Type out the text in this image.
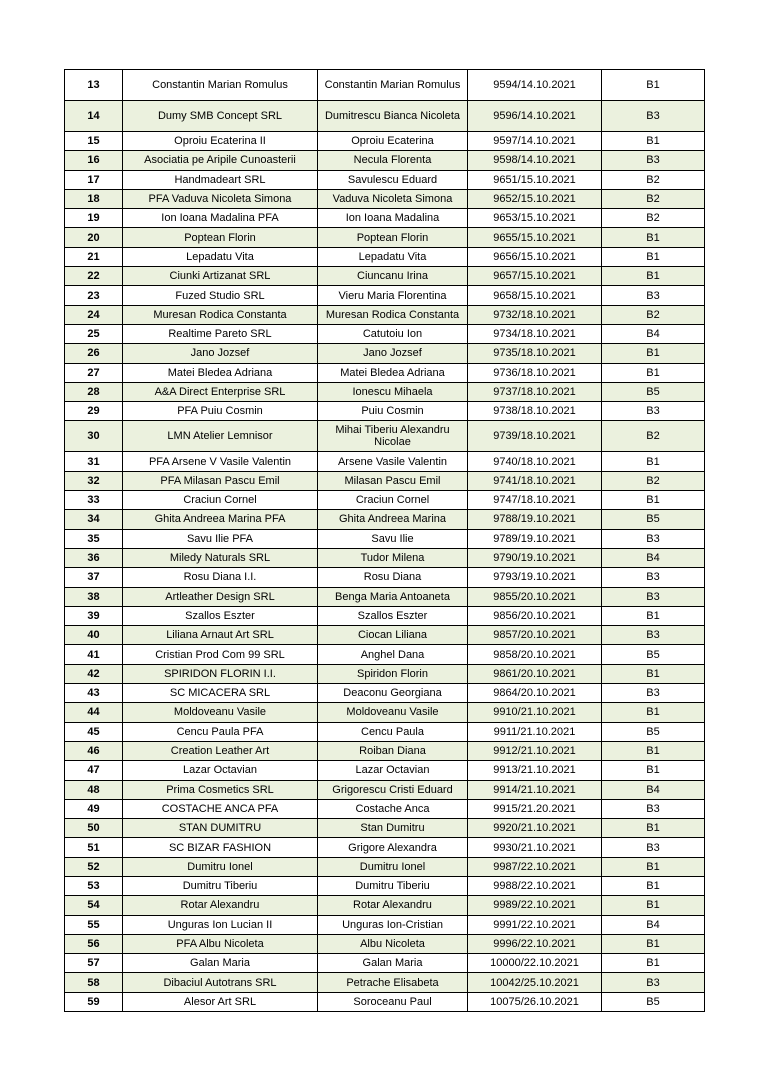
13	Constantin Marian Romulus	Constantin Marian Romulus	9594/14.10.2021	B1
14	Dumy SMB Concept SRL	Dumitrescu Bianca Nicoleta	9596/14.10.2021	B3
15	Oproiu Ecaterina II	Oproiu Ecaterina	9597/14.10.2021	B1
16	Asociatia pe Aripile Cunoasterii	Necula Florenta	9598/14.10.2021	B3
17	Handmadeart SRL	Savulescu Eduard	9651/15.10.2021	B2
18	PFA Vaduva Nicoleta Simona	Vaduva Nicoleta Simona	9652/15.10.2021	B2
19	Ion Ioana Madalina PFA	Ion Ioana Madalina	9653/15.10.2021	B2
20	Poptean Florin	Poptean Florin	9655/15.10.2021	B1
21	Lepadatu Vita	Lepadatu Vita	9656/15.10.2021	B1
22	Ciunki Artizanat SRL	Ciuncanu Irina	9657/15.10.2021	B1
23	Fuzed Studio SRL	Vieru Maria Florentina	9658/15.10.2021	B3
24	Muresan Rodica Constanta	Muresan Rodica Constanta	9732/18.10.2021	B2
25	Realtime Pareto SRL	Catutoiu Ion	9734/18.10.2021	B4
26	Jano Jozsef	Jano Jozsef	9735/18.10.2021	B1
27	Matei Bledea Adriana	Matei Bledea Adriana	9736/18.10.2021	B1
28	A&A Direct Enterprise SRL	Ionescu Mihaela	9737/18.10.2021	B5
29	PFA Puiu Cosmin	Puiu Cosmin	9738/18.10.2021	B3
30	LMN Atelier Lemnisor	Mihai Tiberiu Alexandru Nicolae	9739/18.10.2021	B2
31	PFA Arsene V Vasile Valentin	Arsene Vasile Valentin	9740/18.10.2021	B1
32	PFA Milasan Pascu Emil	Milasan Pascu Emil	9741/18.10.2021	B2
33	Craciun Cornel	Craciun Cornel	9747/18.10.2021	B1
34	Ghita Andreea Marina PFA	Ghita Andreea Marina	9788/19.10.2021	B5
35	Savu Ilie PFA	Savu Ilie	9789/19.10.2021	B3
36	Miledy Naturals SRL	Tudor Milena	9790/19.10.2021	B4
37	Rosu Diana I.I.	Rosu Diana	9793/19.10.2021	B3
38	Artleather Design SRL	Benga Maria Antoaneta	9855/20.10.2021	B3
39	Szallos Eszter	Szallos Eszter	9856/20.10.2021	B1
40	Liliana Arnaut Art SRL	Ciocan Liliana	9857/20.10.2021	B3
41	Cristian Prod Com 99 SRL	Anghel Dana	9858/20.10.2021	B5
42	SPIRIDON FLORIN I.I.	Spiridon Florin	9861/20.10.2021	B1
43	SC MICACERA SRL	Deaconu Georgiana	9864/20.10.2021	B3
44	Moldoveanu Vasile	Moldoveanu Vasile	9910/21.10.2021	B1
45	Cencu Paula PFA	Cencu Paula	9911/21.10.2021	B5
46	Creation Leather Art	Roiban Diana	9912/21.10.2021	B1
47	Lazar Octavian	Lazar Octavian	9913/21.10.2021	B1
48	Prima Cosmetics SRL	Grigorescu Cristi Eduard	9914/21.10.2021	B4
49	COSTACHE ANCA PFA	Costache Anca	9915/21.20.2021	B3
50	STAN DUMITRU	Stan Dumitru	9920/21.10.2021	B1
51	SC BIZAR FASHION	Grigore Alexandra	9930/21.10.2021	B3
52	Dumitru Ionel	Dumitru Ionel	9987/22.10.2021	B1
53	Dumitru Tiberiu	Dumitru Tiberiu	9988/22.10.2021	B1
54	Rotar Alexandru	Rotar Alexandru	9989/22.10.2021	B1
55	Unguras Ion Lucian II	Unguras Ion-Cristian	9991/22.10.2021	B4
56	PFA Albu Nicoleta	Albu Nicoleta	9996/22.10.2021	B1
57	Galan Maria	Galan Maria	10000/22.10.2021	B1
58	Dibaciul Autotrans SRL	Petrache Elisabeta	10042/25.10.2021	B3
59	Alesor Art SRL	Soroceanu Paul	10075/26.10.2021	B5
